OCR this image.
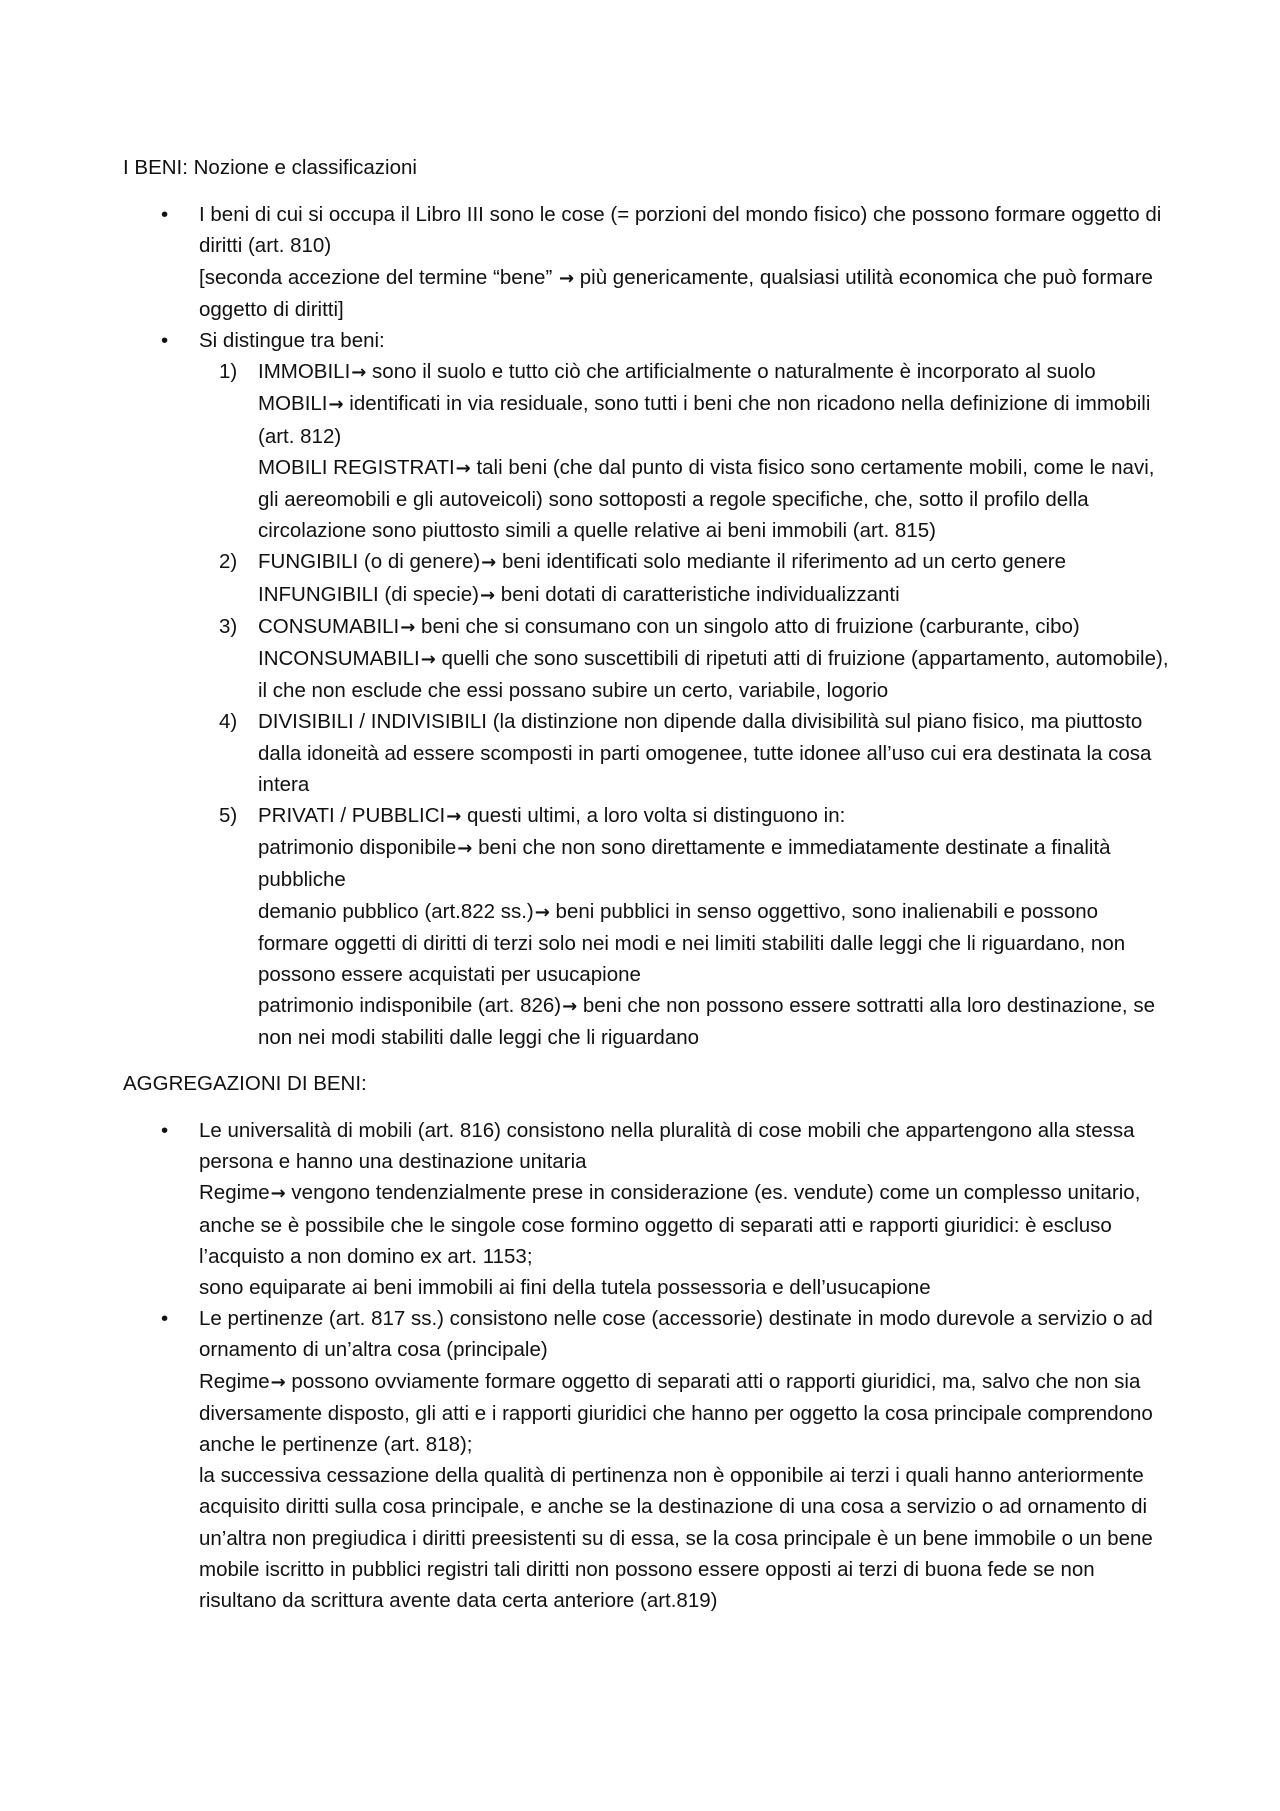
I BENI: Nozione e classificazioni

• I beni di cui si occupa il Libro III sono le cose (= porzioni del mondo fisico) che possono formare oggetto di diritti (art. 810)
[seconda accezione del termine “bene” → più genericamente, qualsiasi utilità economica che può formare oggetto di diritti]
• Si distingue tra beni:
1) IMMOBILI→ sono il suolo e tutto ciò che artificialmente o naturalmente è incorporato al suolo
MOBILI→ identificati in via residuale, sono tutti i beni che non ricadono nella definizione di immobili (art. 812)
MOBILI REGISTRATI→ tali beni (che dal punto di vista fisico sono certamente mobili, come le navi, gli aereomobili e gli autoveicoli) sono sottoposti a regole specifiche, che, sotto il profilo della circolazione sono piuttosto simili a quelle relative ai beni immobili (art. 815)
2) FUNGIBILI (o di genere)→ beni identificati solo mediante il riferimento ad un certo genere
INFUNGIBILI (di specie)→ beni dotati di caratteristiche individualizzanti
3) CONSUMABILI→ beni che si consumano con un singolo atto di fruizione (carburante, cibo)
INCONSUMABILI→ quelli che sono suscettibili di ripetuti atti di fruizione (appartamento, automobile), il che non esclude che essi possano subire un certo, variabile, logorio
4) DIVISIBILI / INDIVISIBILI (la distinzione non dipende dalla divisibilità sul piano fisico, ma piuttosto dalla idoneità ad essere scomposti in parti omogenee, tutte idonee all’uso cui era destinata la cosa intera
5) PRIVATI / PUBBLICI→ questi ultimi, a loro volta si distinguono in:
patrimonio disponibile→ beni che non sono direttamente e immediatamente destinate a finalità pubbliche
demanio pubblico (art.822 ss.)→ beni pubblici in senso oggettivo, sono inalienabili e possono formare oggetti di diritti di terzi solo nei modi e nei limiti stabiliti dalle leggi che li riguardano, non possono essere acquistati per usucapione
patrimonio indisponibile (art. 826)→ beni che non possono essere sottratti alla loro destinazione, se non nei modi stabiliti dalle leggi che li riguardano

AGGREGAZIONI DI BENI:

• Le universalità di mobili (art. 816) consistono nella pluralità di cose mobili che appartengono alla stessa persona e hanno una destinazione unitaria
Regime→ vengono tendenzialmente prese in considerazione (es. vendute) come un complesso unitario, anche se è possibile che le singole cose formino oggetto di separati atti e rapporti giuridici: è escluso l’acquisto a non domino ex art. 1153;
sono equiparate ai beni immobili ai fini della tutela possessoria e dell’usucapione
• Le pertinenze (art. 817 ss.) consistono nelle cose (accessorie) destinate in modo durevole a servizio o ad ornamento di un’altra cosa (principale)
Regime→ possono ovviamente formare oggetto di separati atti o rapporti giuridici, ma, salvo che non sia diversamente disposto, gli atti e i rapporti giuridici che hanno per oggetto la cosa principale comprendono anche le pertinenze (art. 818);
la successiva cessazione della qualità di pertinenza non è opponibile ai terzi i quali hanno anteriormente acquisito diritti sulla cosa principale, e anche se la destinazione di una cosa a servizio o ad ornamento di un’altra non pregiudica i diritti preesistenti su di essa, se la cosa principale è un bene immobile o un bene mobile iscritto in pubblici registri tali diritti non possono essere opposti ai terzi di buona fede se non risultano da scrittura avente data certa anteriore (art.819)
